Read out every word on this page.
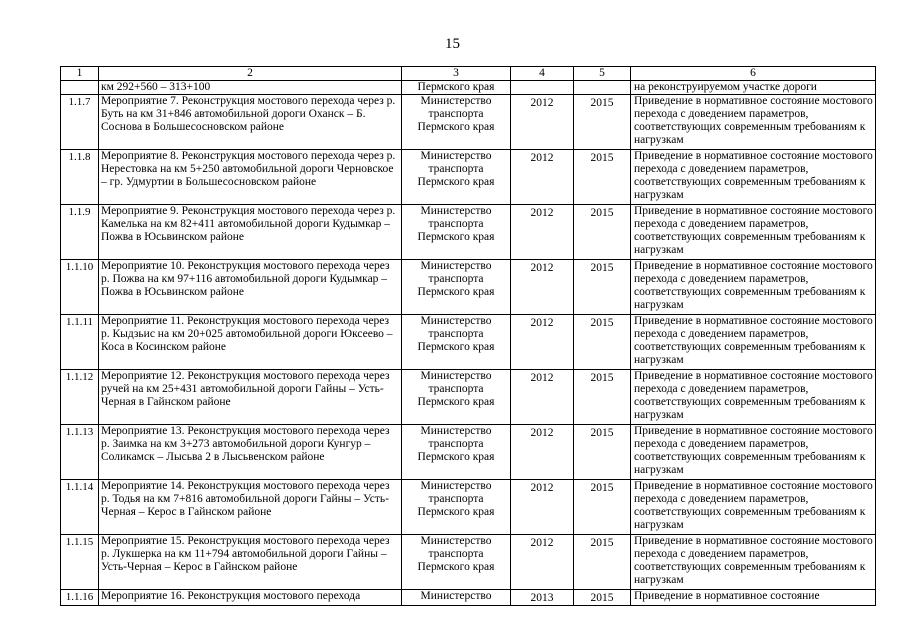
15
1	2	3	4	5	6
	км 292+560 – 313+100	Пермского края			на реконструируемом участке дороги
1.1.7	Мероприятие 7. Реконструкция мостового перехода через р. Буть на км 31+846 автомобильной дороги Оханск – Б. Соснова в Большесосновском районе	Министерство транспорта Пермского края	2012	2015	Приведение в нормативное состояние мостового перехода с доведением параметров, соответствующих современным требованиям к нагрузкам
1.1.8	Мероприятие 8. Реконструкция мостового перехода через р. Нерестовка на км 5+250 автомобильной дороги Черновское – гр. Удмуртии в Большесосновском районе	Министерство транспорта Пермского края	2012	2015	Приведение в нормативное состояние мостового перехода с доведением параметров, соответствующих современным требованиям к нагрузкам
1.1.9	Мероприятие 9. Реконструкция мостового перехода через р. Камелька на км 82+411 автомобильной дороги Кудымкар – Пожва в Юсьвинском районе	Министерство транспорта Пермского края	2012	2015	Приведение в нормативное состояние мостового перехода с доведением параметров, соответствующих современным требованиям к нагрузкам
1.1.10	Мероприятие 10. Реконструкция мостового перехода через р. Пожва на км 97+116 автомобильной дороги Кудымкар – Пожва в Юсьвинском районе	Министерство транспорта Пермского края	2012	2015	Приведение в нормативное состояние мостового перехода с доведением параметров, соответствующих современным требованиям к нагрузкам
1.1.11	Мероприятие 11. Реконструкция мостового перехода через р. Кыдзьис на км 20+025 автомобильной дороги Юксеево – Коса в Косинском районе	Министерство транспорта Пермского края	2012	2015	Приведение в нормативное состояние мостового перехода с доведением параметров, соответствующих современным требованиям к нагрузкам
1.1.12	Мероприятие 12. Реконструкция мостового перехода через ручей на км 25+431 автомобильной дороги Гайны – Усть-Черная в Гайнском районе	Министерство транспорта Пермского края	2012	2015	Приведение в нормативное состояние мостового перехода с доведением параметров, соответствующих современным требованиям к нагрузкам
1.1.13	Мероприятие 13. Реконструкция мостового перехода через р. Заимка на км 3+273 автомобильной дороги Кунгур – Соликамск – Лысьва 2 в Лысьвенском районе	Министерство транспорта Пермского края	2012	2015	Приведение в нормативное состояние мостового перехода с доведением параметров, соответствующих современным требованиям к нагрузкам
1.1.14	Мероприятие 14. Реконструкция мостового перехода через р. Тодья на км 7+816 автомобильной дороги Гайны – Усть-Черная – Керос в Гайнском районе	Министерство транспорта Пермского края	2012	2015	Приведение в нормативное состояние мостового перехода с доведением параметров, соответствующих современным требованиям к нагрузкам
1.1.15	Мероприятие 15. Реконструкция мостового перехода через р. Лукшерка на км 11+794 автомобильной дороги Гайны – Усть-Черная – Керос в Гайнском районе	Министерство транспорта Пермского края	2012	2015	Приведение в нормативное состояние мостового перехода с доведением параметров, соответствующих современным требованиям к нагрузкам
1.1.16	Мероприятие 16. Реконструкция мостового перехода	Министерство	2013	2015	Приведение в нормативное состояние
